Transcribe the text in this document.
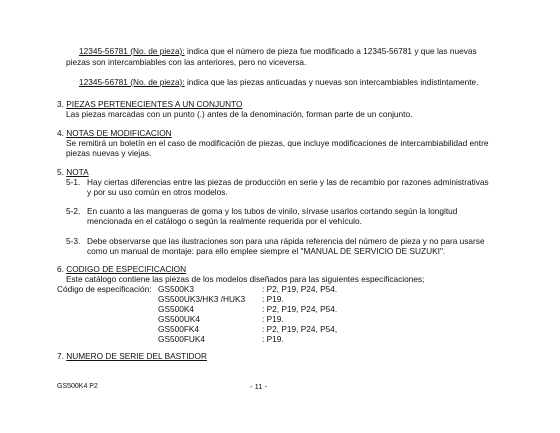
12345-56781 (No. de pieza): indica que el número de pieza fue modificado a 12345-56781 y que las nuevas
piezas son intercambiables con las anteriores, pero no viceversa.
12345-56781 (No. de pieza): indica que las piezas anticuadas y nuevas son intercambiables indistintamente.
3. PIEZAS PERTENECIENTES A UN CONJUNTO
Las piezas marcadas con un punto (.) antes de la denominación, forman parte de un conjunto.
4. NOTAS DE MODIFICACION
Se remitirá un boletín en el caso de modificación de piezas, que incluye modificaciones de intercambiabilidad entre
piezas nuevas y viejas.
5. NOTA
5-1. Hay ciertas diferencias entre las piezas de producción en serie y las de recambio por razones administrativas
y por su uso común en otros modelos.
5-2. En cuanto a las mangueras de goma y los tubos de vinilo, sírvase usarlos cortando según la longitud
mencionada en el catálogo o según la realmente requerida por el vehículo.
5-3. Debe observarse que las ilustraciones son para una rápida referencia del número de pieza y no para usarse
como un manual de montaje: para ello emplee siempre el "MANUAL DE SERVICIO DE SUZUKI".
6. CODIGO DE ESPECIFICACION
Este catálogo contiene las piezas de los modelos diseñados para las siguientes especificaciones;
Código de especificación: GS500K3	: P2, P19, P24, P54.
GS500UK3/HK3 /HUK3 : P19.
GS500K4	: P2, P19, P24, P54.
GS500UK4	: P19.
GS500FK4	: P2, P19, P24, P54,
GS500FUK4	: P19.
7. NUMERO DE SERIE DEL BASTIDOR
GS500K4 P2	- 11 -
